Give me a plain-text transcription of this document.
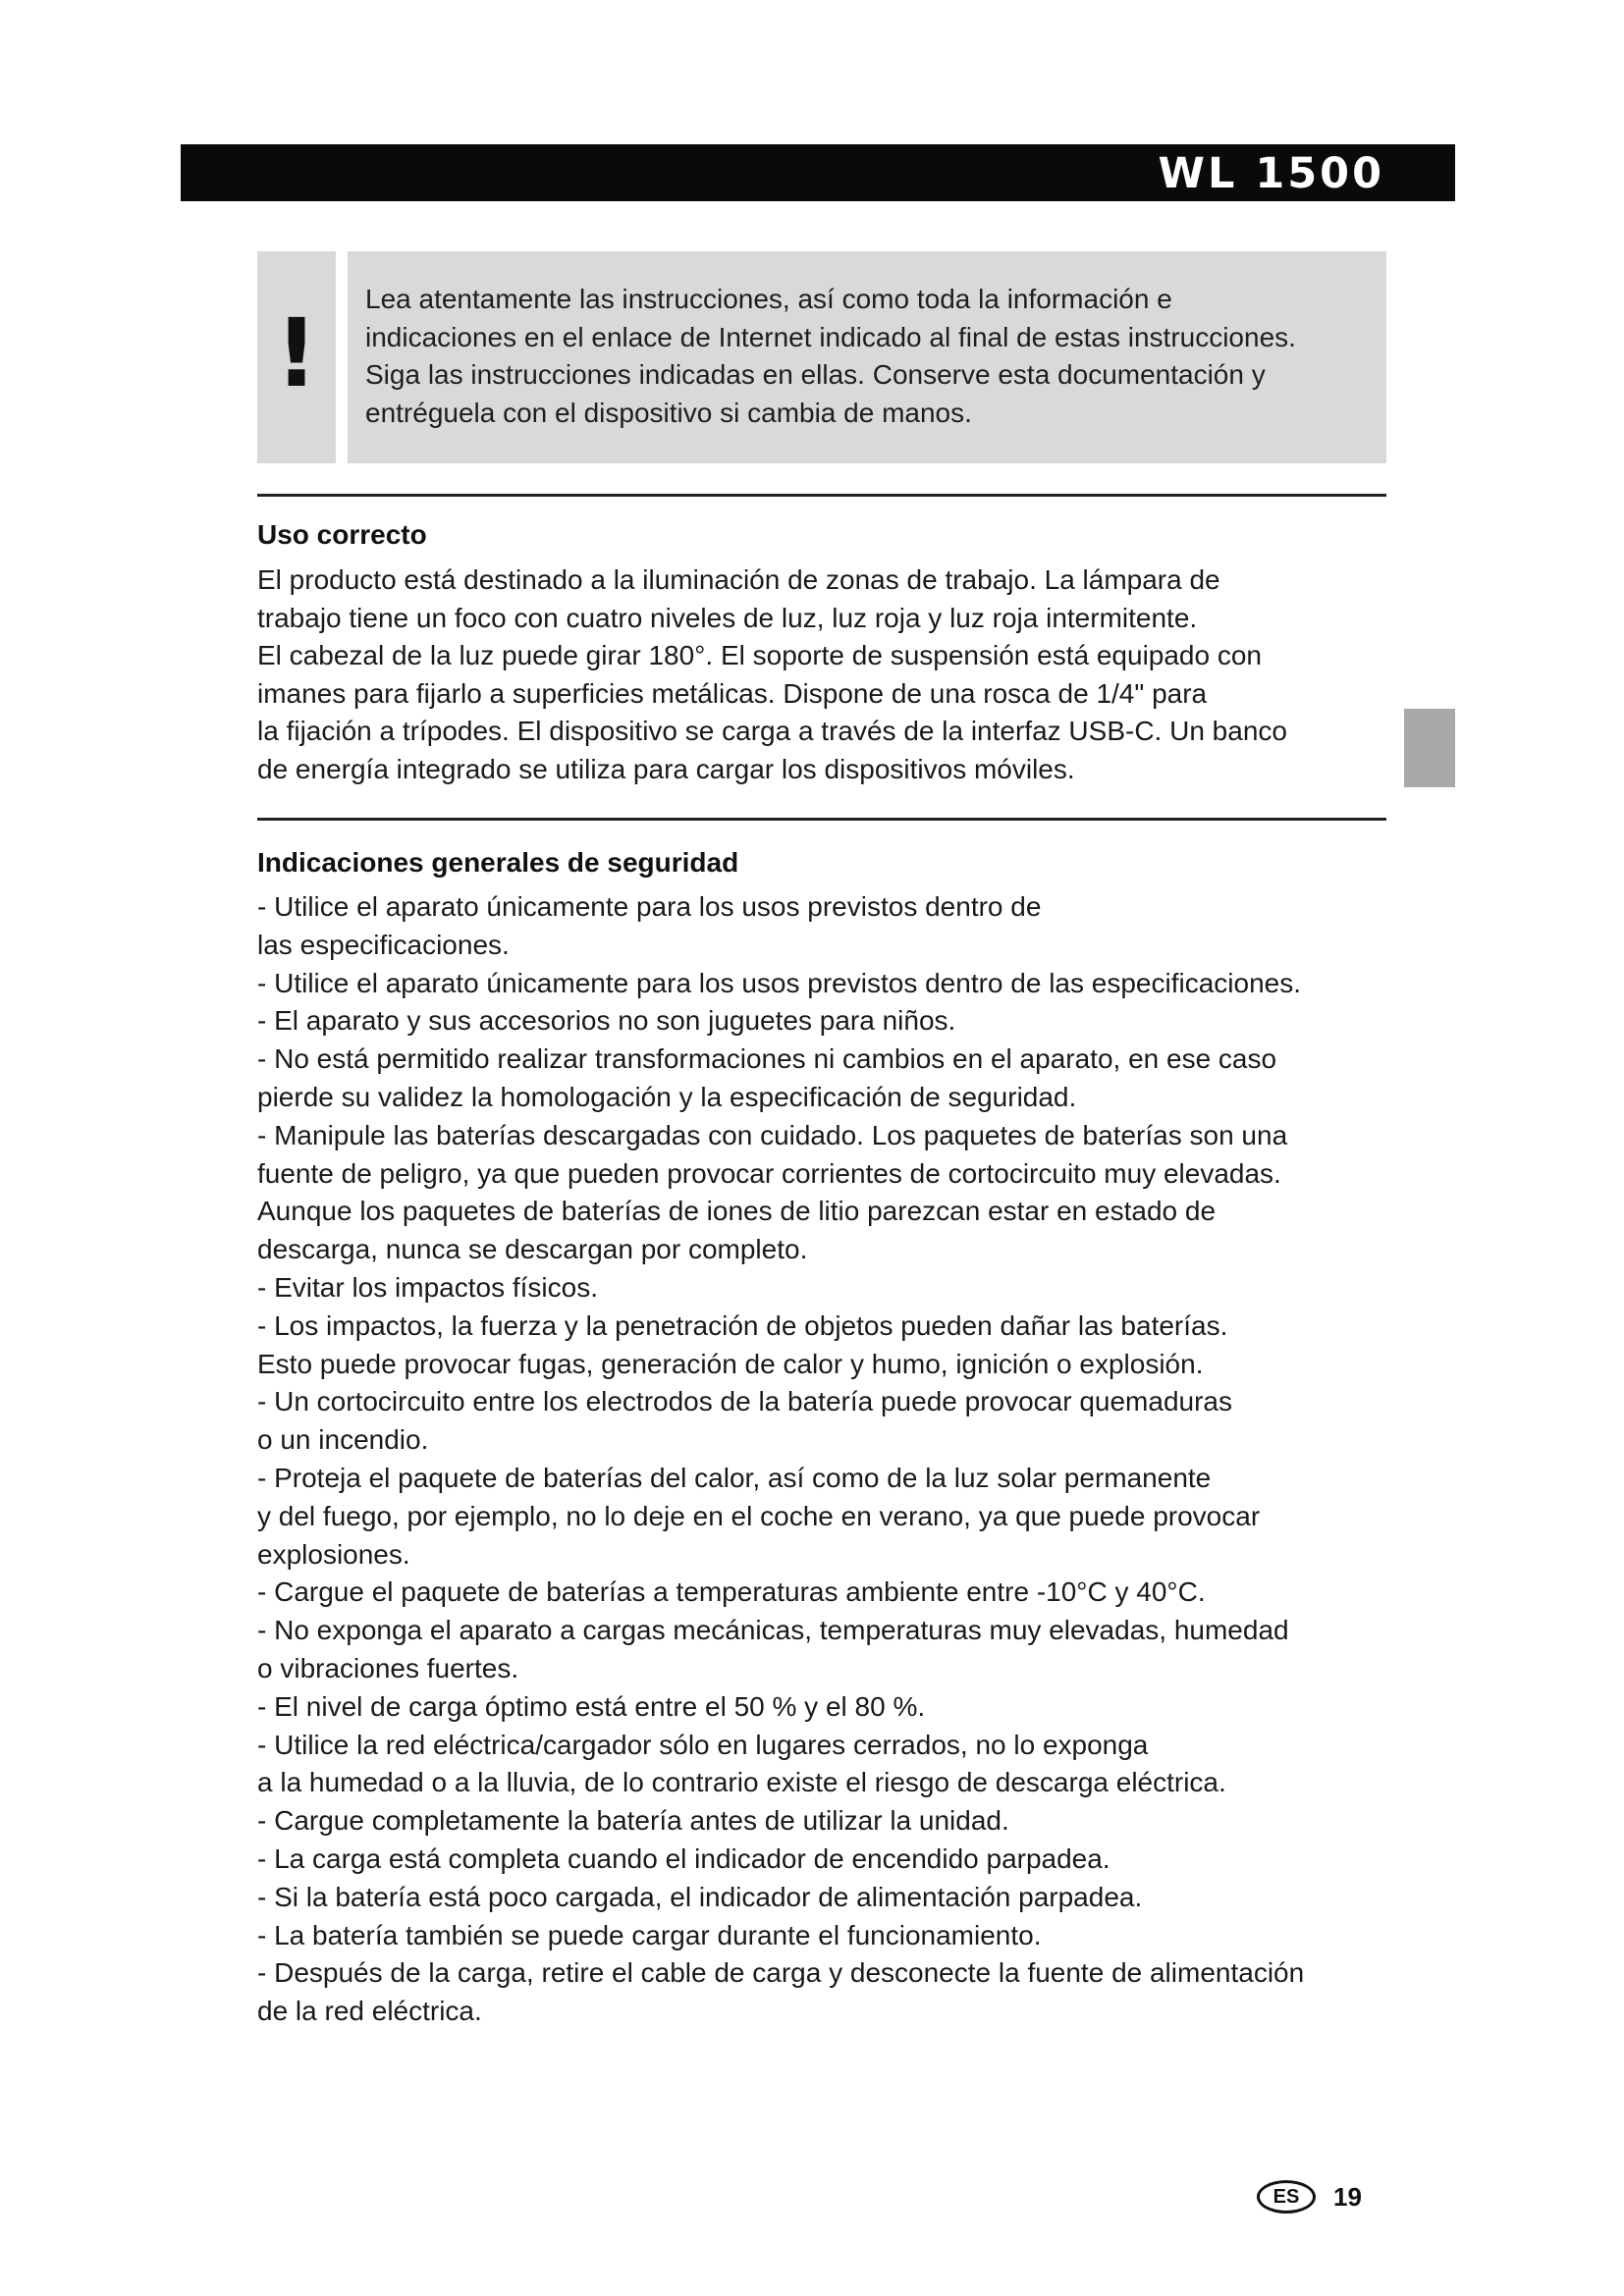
WL 1500
!	Lea atentamente las instrucciones, así como toda la información e
indicaciones en el enlace de Internet indicado al final de estas instrucciones.
Siga las instrucciones indicadas en ellas. Conserve esta documentación y
entréguela con el dispositivo si cambia de manos.
Uso correcto
El producto está destinado a la iluminación de zonas de trabajo. La lámpara de
trabajo tiene un foco con cuatro niveles de luz, luz roja y luz roja intermitente.
El cabezal de la luz puede girar 180°. El soporte de suspensión está equipado con
imanes para fijarlo a superficies metálicas. Dispone de una rosca de 1/4" para
la fijación a trípodes. El dispositivo se carga a través de la interfaz USB-C. Un banco
de energía integrado se utiliza para cargar los dispositivos móviles.
Indicaciones generales de seguridad
- Utilice el aparato únicamente para los usos previstos dentro de
las especificaciones.
- Utilice el aparato únicamente para los usos previstos dentro de las especificaciones.
- El aparato y sus accesorios no son juguetes para niños.
- No está permitido realizar transformaciones ni cambios en el aparato, en ese caso
pierde su validez la homologación y la especificación de seguridad.
- Manipule las baterías descargadas con cuidado. Los paquetes de baterías son una
fuente de peligro, ya que pueden provocar corrientes de cortocircuito muy elevadas.
Aunque los paquetes de baterías de iones de litio parezcan estar en estado de
descarga, nunca se descargan por completo.
- Evitar los impactos físicos.
- Los impactos, la fuerza y la penetración de objetos pueden dañar las baterías.
Esto puede provocar fugas, generación de calor y humo, ignición o explosión.
- Un cortocircuito entre los electrodos de la batería puede provocar quemaduras
o un incendio.
- Proteja el paquete de baterías del calor, así como de la luz solar permanente
y del fuego, por ejemplo, no lo deje en el coche en verano, ya que puede provocar
explosiones.
- Cargue el paquete de baterías a temperaturas ambiente entre -10°C y 40°C.
- No exponga el aparato a cargas mecánicas, temperaturas muy elevadas, humedad
o vibraciones fuertes.
- El nivel de carga óptimo está entre el 50 % y el 80 %.
- Utilice la red eléctrica/cargador sólo en lugares cerrados, no lo exponga
a la humedad o a la lluvia, de lo contrario existe el riesgo de descarga eléctrica.
- Cargue completamente la batería antes de utilizar la unidad.
- La carga está completa cuando el indicador de encendido parpadea.
- Si la batería está poco cargada, el indicador de alimentación parpadea.
- La batería también se puede cargar durante el funcionamiento.
- Después de la carga, retire el cable de carga y desconecte la fuente de alimentación
de la red eléctrica.
ES	19
